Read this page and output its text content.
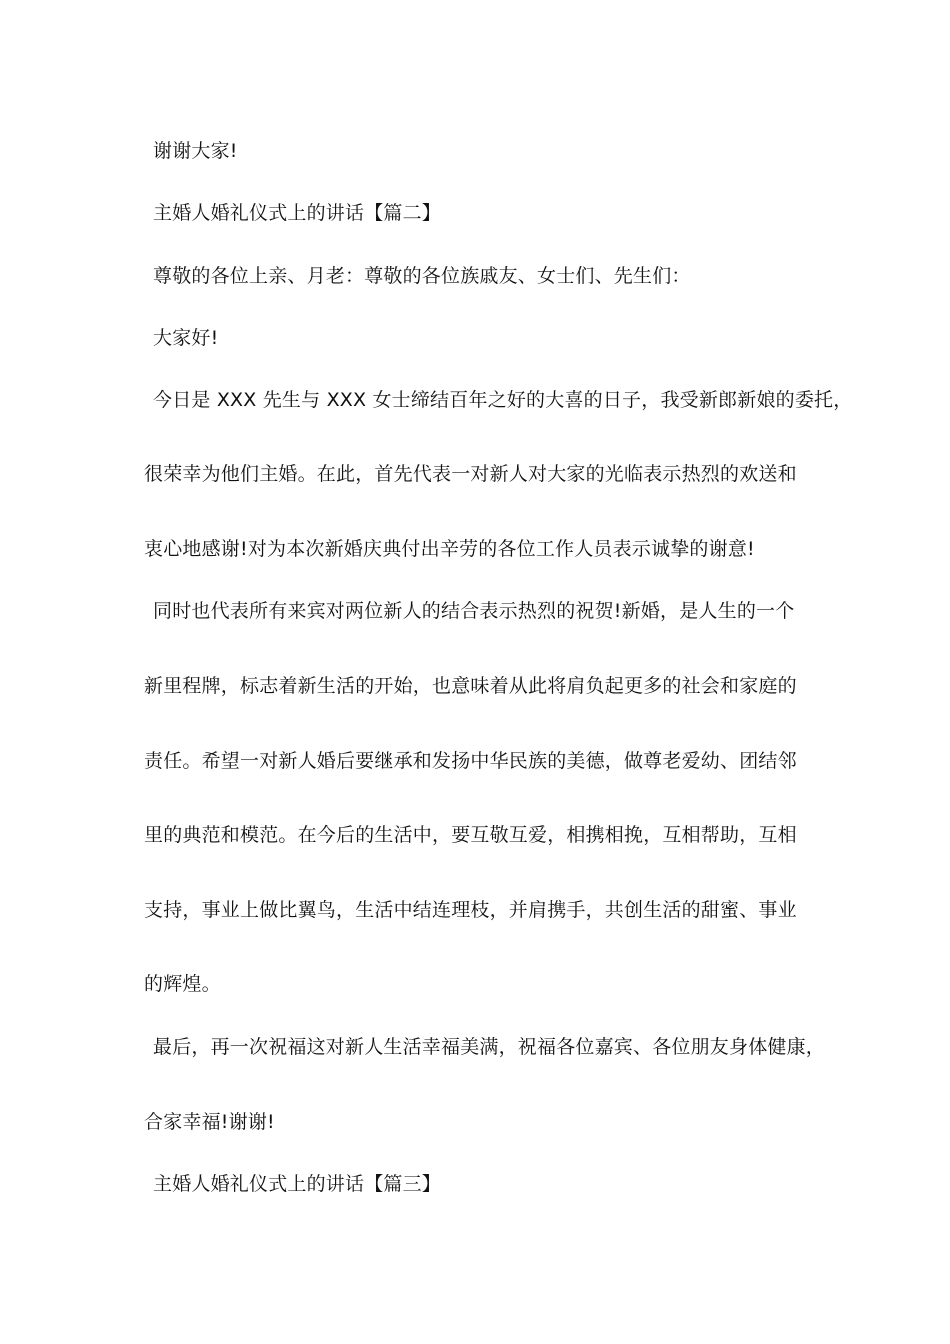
谢谢大家!
主婚人婚礼仪式上的讲话【篇二】
尊敬的各位上亲、月老：尊敬的各位族戚友、女士们、先生们：
大家好!
今日是 XXX 先生与 XXX 女士缔结百年之好的大喜的日子，我受新郎新娘的委托，
很荣幸为他们主婚。在此，首先代表一对新人对大家的光临表示热烈的欢送和
衷心地感谢!对为本次新婚庆典付出辛劳的各位工作人员表示诚挚的谢意!
同时也代表所有来宾对两位新人的结合表示热烈的祝贺!新婚，是人生的一个
新里程牌，标志着新生活的开始，也意味着从此将肩负起更多的社会和家庭的
责任。希望一对新人婚后要继承和发扬中华民族的美德，做尊老爱幼、团结邻
里的典范和模范。在今后的生活中，要互敬互爱，相携相挽，互相帮助，互相
支持，事业上做比翼鸟，生活中结连理枝，并肩携手，共创生活的甜蜜、事业
的辉煌。
最后，再一次祝福这对新人生活幸福美满，祝福各位嘉宾、各位朋友身体健康，
合家幸福!谢谢!
主婚人婚礼仪式上的讲话【篇三】
